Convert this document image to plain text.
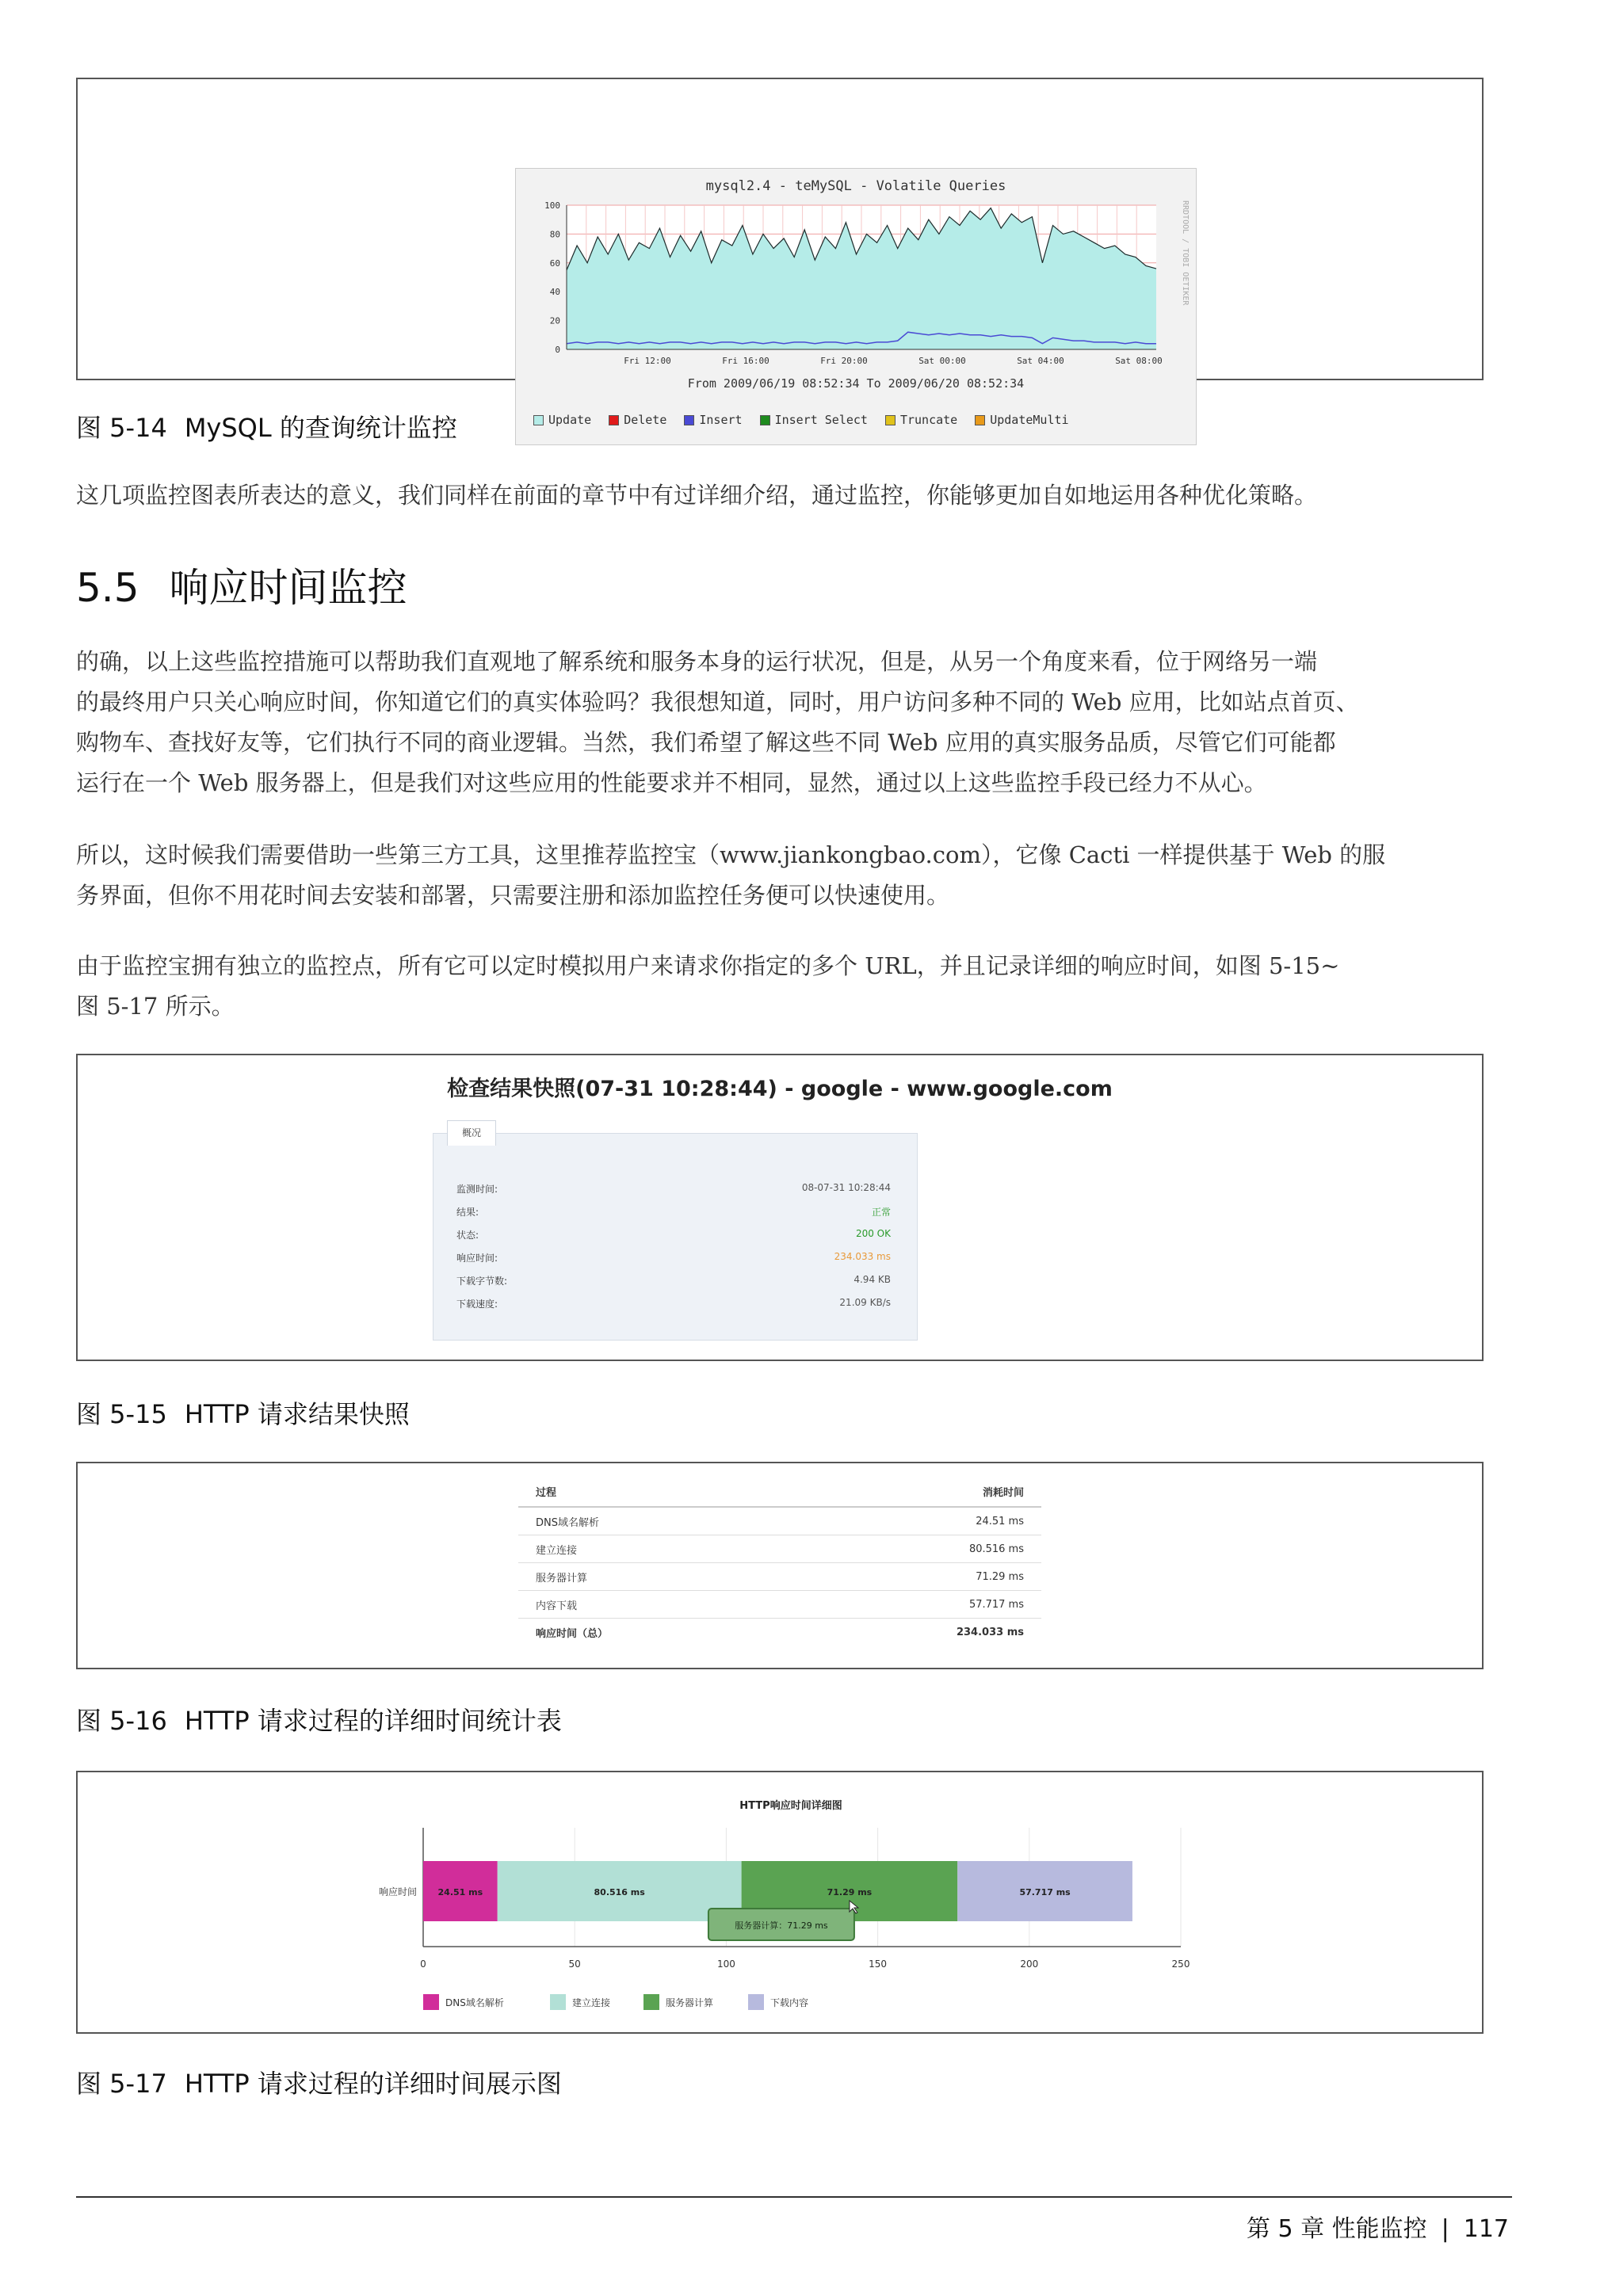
mysql2.4 - teMySQL - Volatile Queries
0
20
40
60
80
100
Fri 12:00	Fri 16:00	Fri 20:00	Sat 00:00	Sat 04:00	Sat 08:00
From 2009/06/19 08:52:34 To 2009/06/20 08:52:34
Update	Delete	Insert	Insert Select	Truncate	UpdateMulti
RRDTOOL / TOBI OETIKER
图 5-14 MySQL 的查询统计监控

这几项监控图表所表达的意义，我们同样在前面的章节中有过详细介绍，通过监控，你能够更加自如地运用各种优化策略。

5.5 响应时间监控

的确，以上这些监控措施可以帮助我们直观地了解系统和服务本身的运行状况，但是，从另一个角度来看，位于网络另一端

的最终用户只关心响应时间，你知道它们的真实体验吗？我很想知道，同时，用户访问多种不同的 Web 应用，比如站点首页、

购物车、查找好友等，它们执行不同的商业逻辑。当然，我们希望了解这些不同 Web 应用的真实服务品质，尽管它们可能都

运行在一个 Web 服务器上，但是我们对这些应用的性能要求并不相同，显然，通过以上这些监控手段已经力不从心。

所以，这时候我们需要借助一些第三方工具，这里推荐监控宝（www.jiankongbao.com），它像 Cacti 一样提供基于 Web 的服

务界面，但你不用花时间去安装和部署，只需要注册和添加监控任务便可以快速使用。

由于监控宝拥有独立的监控点，所有它可以定时模拟用户来请求你指定的多个 URL，并且记录详细的响应时间，如图 5-15~

图 5-17 所示。

检查结果快照(07-31 10:28:44) - google - www.google.com
概况
监测时间:	08-07-31 10:28:44
结果:	正常
状态:	200 OK
响应时间:	234.033 ms
下载字节数:	4.94 KB
下载速度:	21.09 KB/s
图 5-15 HTTP 请求结果快照
过程	消耗时间
DNS域名解析	24.51 ms
建立连接	80.516 ms
服务器计算	71.29 ms
内容下载	57.717 ms
响应时间（总）	234.033 ms
图 5-16 HTTP 请求过程的详细时间统计表
HTTP响应时间详细图
0	50	100	150	200	250
响应时间 24.51 ms	80.516 ms	71.29 ms	57.717 ms
服务器计算：71.29 ms
DNS域名解析	建立连接	服务器计算	下载内容
图 5-17 HTTP 请求过程的详细时间展示图
第 5 章 性能监控 | 117
